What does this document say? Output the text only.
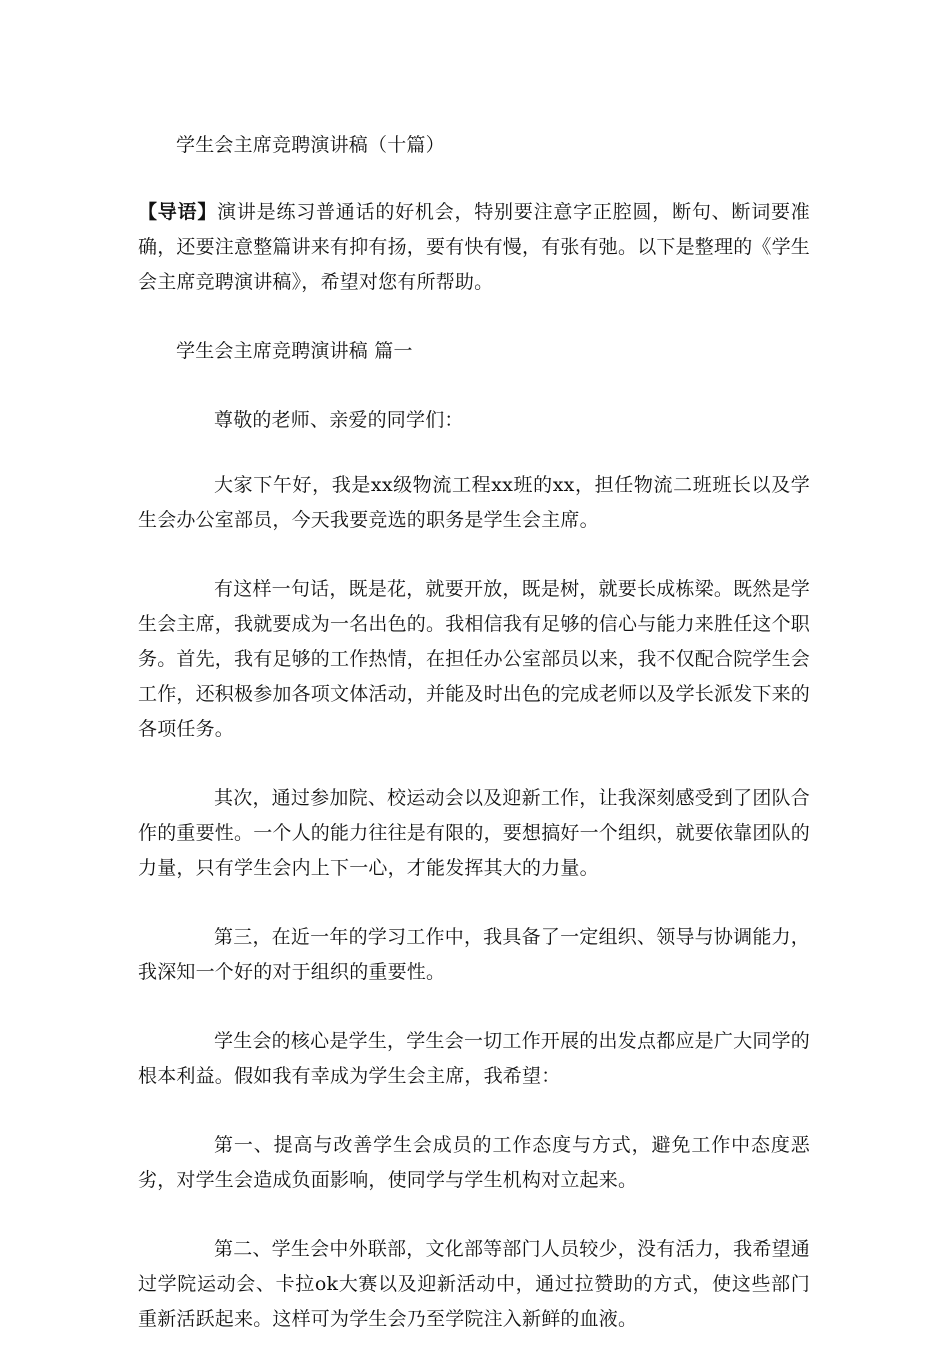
学生会主席竞聘演讲稿（十篇）

【导语】演讲是练习普通话的好机会，特别要注意字正腔圆，断句、断词要准确，还要注意整篇讲来有抑有扬，要有快有慢，有张有弛。以下是整理的《学生会主席竞聘演讲稿》，希望对您有所帮助。

学生会主席竞聘演讲稿 篇一

尊敬的老师、亲爱的同学们：

大家下午好，我是xx级物流工程xx班的xx，担任物流二班班长以及学生会办公室部员，今天我要竞选的职务是学生会主席。

有这样一句话，既是花，就要开放，既是树，就要长成栋梁。既然是学生会主席，我就要成为一名出色的。我相信我有足够的信心与能力来胜任这个职务。首先，我有足够的工作热情，在担任办公室部员以来，我不仅配合院学生会工作，还积极参加各项文体活动，并能及时出色的完成老师以及学长派发下来的各项任务。

其次，通过参加院、校运动会以及迎新工作，让我深刻感受到了团队合作的重要性。一个人的能力往往是有限的，要想搞好一个组织，就要依靠团队的力量，只有学生会内上下一心，才能发挥其大的力量。

第三，在近一年的学习工作中，我具备了一定组织、领导与协调能力，我深知一个好的对于组织的重要性。

学生会的核心是学生，学生会一切工作开展的出发点都应是广大同学的根本利益。假如我有幸成为学生会主席，我希望：

第一、提高与改善学生会成员的工作态度与方式，避免工作中态度恶劣，对学生会造成负面影响，使同学与学生机构对立起来。

第二、学生会中外联部，文化部等部门人员较少，没有活力，我希望通过学院运动会、卡拉ok大赛以及迎新活动中，通过拉赞助的方式，使这些部门重新活跃起来。这样可为学生会乃至学院注入新鲜的血液。
